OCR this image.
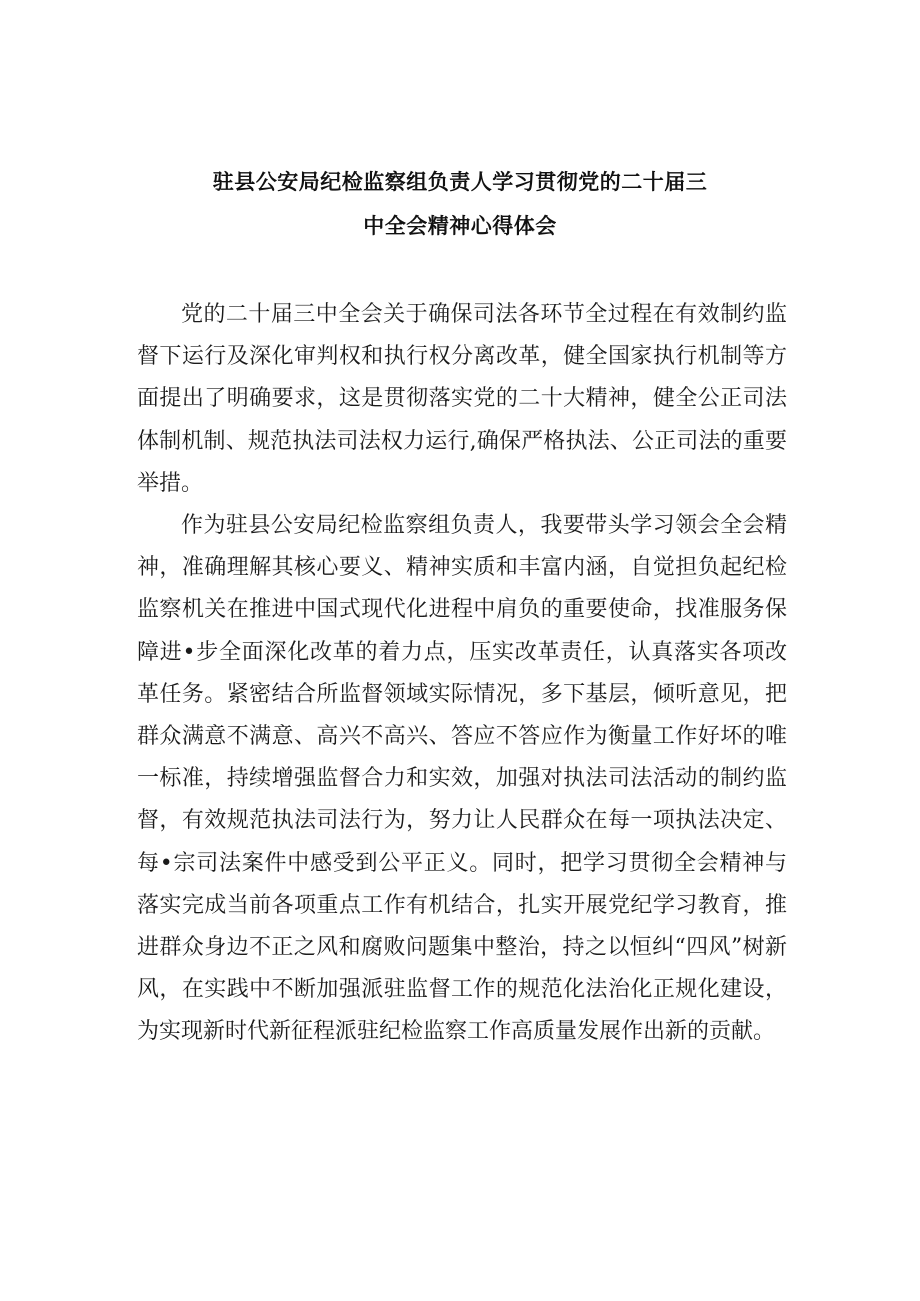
驻县公安局纪检监察组负责人学习贯彻党的二十届三
中全会精神心得体会

党的二十届三中全会关于确保司法各环节全过程在有效制约监督下运行及深化审判权和执行权分离改革，健全国家执行机制等方面提出了明确要求，这是贯彻落实党的二十大精神，健全公正司法体制机制、规范执法司法权力运行,确保严格执法、公正司法的重要举措。

作为驻县公安局纪检监察组负责人，我要带头学习领会全会精神，准确理解其核心要义、精神实质和丰富内涵，自觉担负起纪检监察机关在推进中国式现代化进程中肩负的重要使命，找准服务保障进•步全面深化改革的着力点，压实改革责任，认真落实各项改革任务。紧密结合所监督领域实际情况，多下基层，倾听意见，把群众满意不满意、高兴不高兴、答应不答应作为衡量工作好坏的唯一标准，持续增强监督合力和实效，加强对执法司法活动的制约监督，有效规范执法司法行为，努力让人民群众在每一项执法决定、每•宗司法案件中感受到公平正义。同时，把学习贯彻全会精神与落实完成当前各项重点工作有机结合，扎实开展党纪学习教育，推进群众身边不正之风和腐败问题集中整治，持之以恒纠“四风”树新风，在实践中不断加强派驻监督工作的规范化法治化正规化建设，为实现新时代新征程派驻纪检监察工作高质量发展作出新的贡献。
